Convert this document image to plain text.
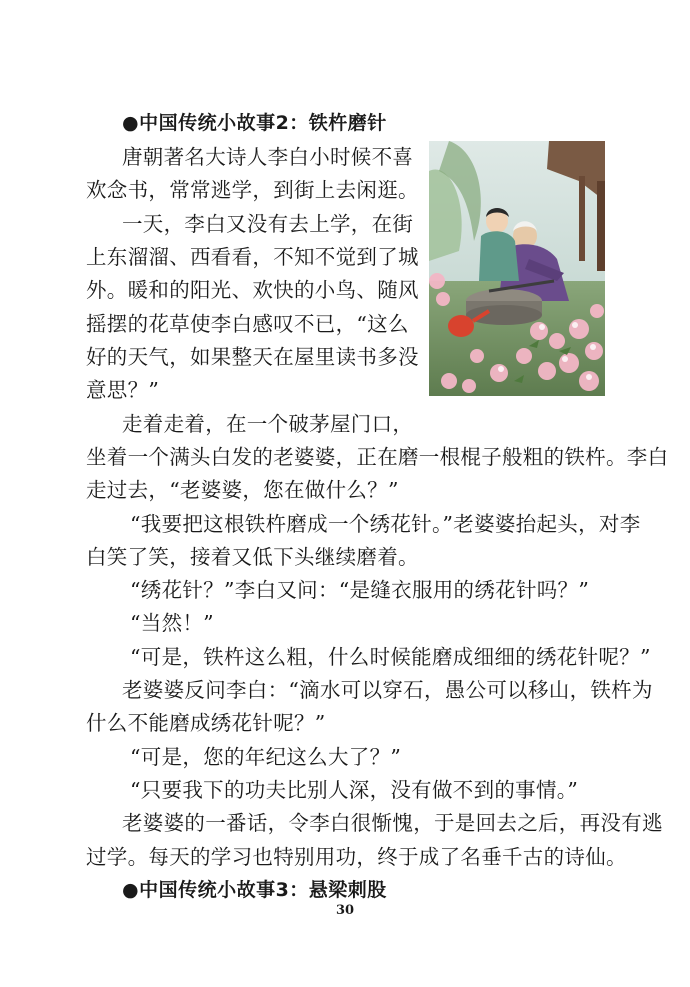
●中国传统小故事2：铁杵磨针
唐朝著名大诗人李白小时候不喜
欢念书，常常逃学，到街上去闲逛。
一天，李白又没有去上学，在街
上东溜溜、西看看，不知不觉到了城
外。暖和的阳光、欢快的小鸟、随风
摇摆的花草使李白感叹不已，“这么
好的天气，如果整天在屋里读书多没
意思？”
走着走着，在一个破茅屋门口，
坐着一个满头白发的老婆婆，正在磨一根棍子般粗的铁杵。李白
走过去，“老婆婆，您在做什么？”
“我要把这根铁杵磨成一个绣花针。”老婆婆抬起头，对李
白笑了笑，接着又低下头继续磨着。
“绣花针？”李白又问：“是缝衣服用的绣花针吗？”
“当然！”
“可是，铁杵这么粗，什么时候能磨成细细的绣花针呢？”
老婆婆反问李白：“滴水可以穿石，愚公可以移山，铁杵为
什么不能磨成绣花针呢？”
“可是，您的年纪这么大了？”
“只要我下的功夫比别人深，没有做不到的事情。”
老婆婆的一番话，令李白很惭愧，于是回去之后，再没有逃
过学。每天的学习也特别用功，终于成了名垂千古的诗仙。
●中国传统小故事3：悬梁刺股
30
